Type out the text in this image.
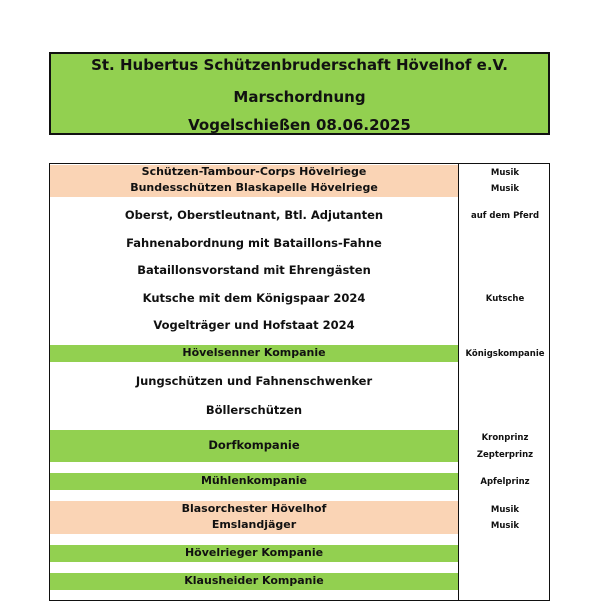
St. Hubertus Schützenbruderschaft Hövelhof e.V.
Marschordnung
Vogelschießen 08.06.2025
Schützen-Tambour-Corps Hövelriege
Bundesschützen Blaskapelle Hövelriege
Oberst, Oberstleutnant, Btl. Adjutanten
Fahnenabordnung mit Bataillons-Fahne
Bataillonsvorstand mit Ehrengästen
Kutsche mit dem Königspaar 2024
Vogelträger und Hofstaat 2024
Hövelsenner Kompanie
Jungschützen und Fahnenschwenker
Böllerschützen
Dorfkompanie
Mühlenkompanie
Blasorchester Hövelhof
Emslandjäger
Hövelrieger Kompanie
Klausheider Kompanie
Musik
Musik
auf dem Pferd
Kutsche
Königskompanie
Kronprinz
Zepterprinz
Apfelprinz
Musik
Musik
